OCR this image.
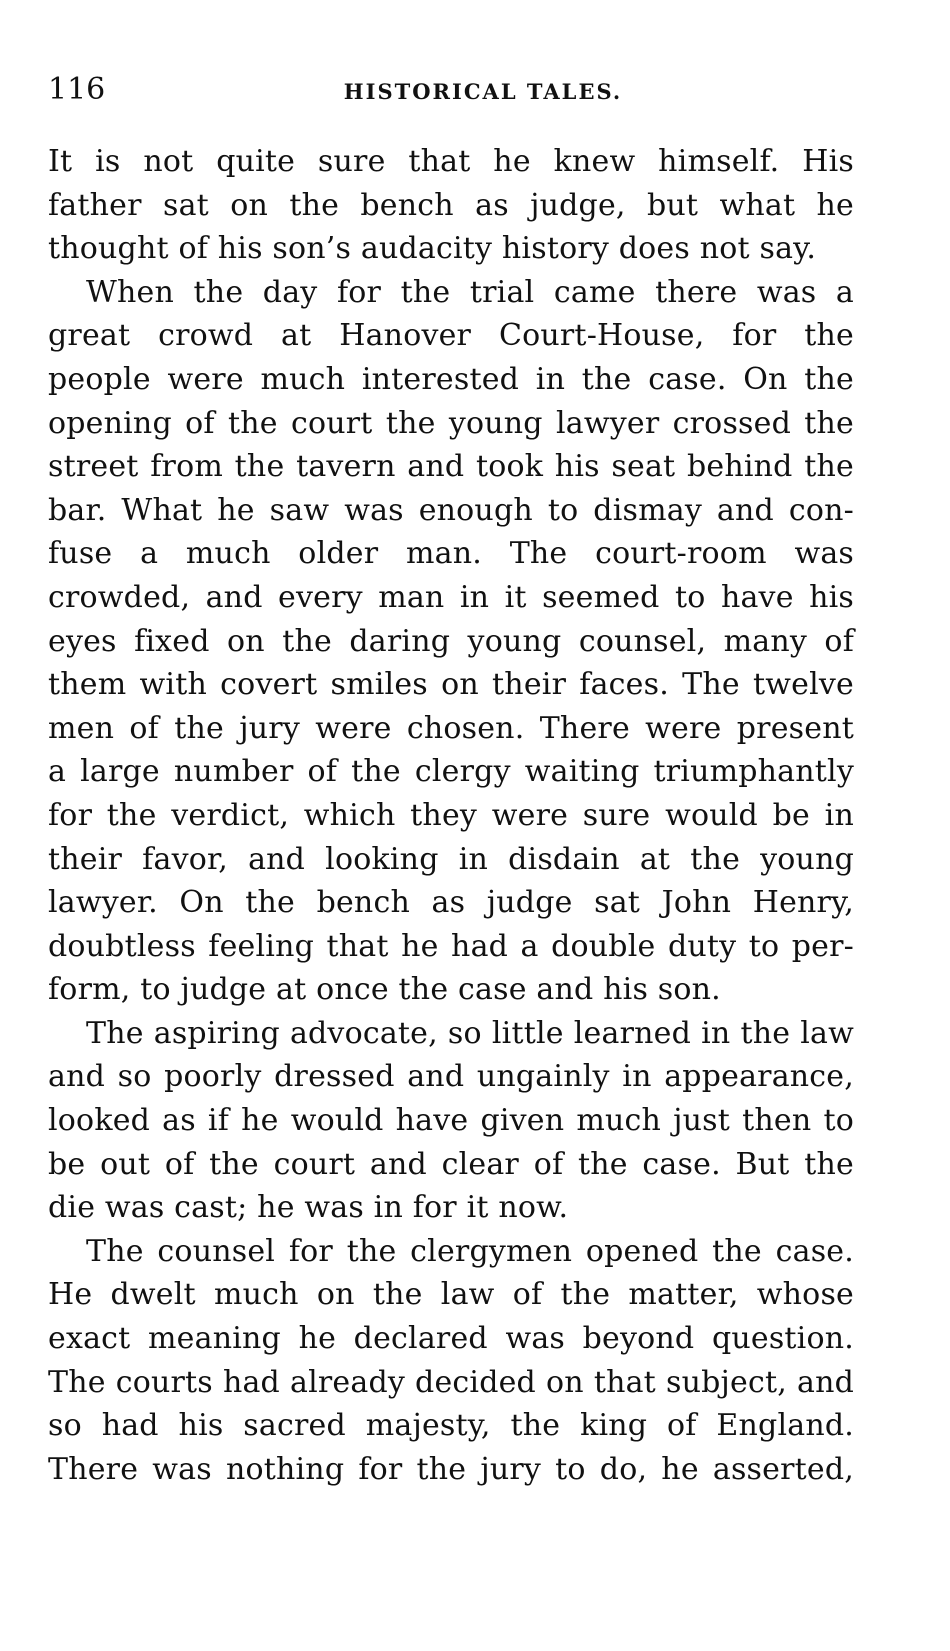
116	HISTORICAL TALES.

It is not quite sure that he knew himself. His
father sat on the bench as judge, but what he
thought of his son’s audacity history does not say.

When the day for the trial came there was a
great crowd at Hanover Court-House, for the
people were much interested in the case. On the
opening of the court the young lawyer crossed the
street from the tavern and took his seat behind the
bar. What he saw was enough to dismay and con-
fuse a much older man. The court-room was
crowded, and every man in it seemed to have his
eyes fixed on the daring young counsel, many of
them with covert smiles on their faces. The twelve
men of the jury were chosen. There were present
a large number of the clergy waiting triumphantly
for the verdict, which they were sure would be in
their favor, and looking in disdain at the young
lawyer. On the bench as judge sat John Henry,
doubtless feeling that he had a double duty to per-
form, to judge at once the case and his son.

The aspiring advocate, so little learned in the law
and so poorly dressed and ungainly in appearance,
looked as if he would have given much just then to
be out of the court and clear of the case. But the
die was cast; he was in for it now.

The counsel for the clergymen opened the case.
He dwelt much on the law of the matter, whose
exact meaning he declared was beyond question.
The courts had already decided on that subject, and
so had his sacred majesty, the king of England.
There was nothing for the jury to do, he asserted,
